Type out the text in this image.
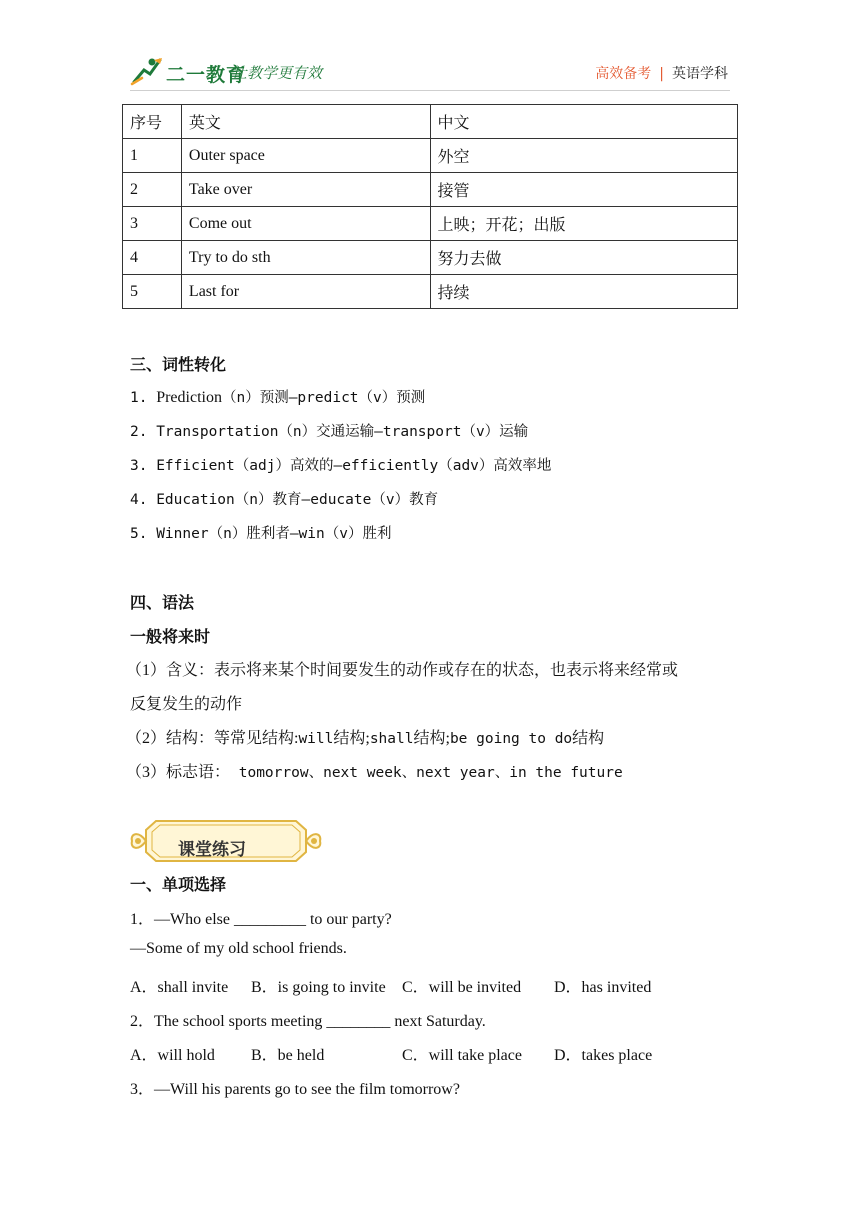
二一教育
让教学更有效	高效备考 | 英语学科
序号	英文	中文
1	Outer space	外空
2	Take over	接管
3	Come out	上映；开花；出版
4	Try to do sth	努力去做
5	Last for	持续
三、词性转化
1. Prediction（n）预测—predict（v）预测
2. Transportation（n）交通运输—transport（v）运输
3. Efficient（adj）高效的—efficiently（adv）高效率地
4. Education（n）教育—educate（v）教育
5. Winner（n）胜利者—win（v）胜利
四、语法
一般将来时
（1）含义：表示将来某个时间要发生的动作或存在的状态，也表示将来经常或
反复发生的动作
（2）结构：等常见结构:will结构;shall结构;be going to do结构
（3）标志语： tomorrow、next week、next year、in the future
课堂练习
一、单项选择
1．—Who else _________ to our party?
—Some of my old school friends.
A．shall invite B．is going to invite C．will be invited D．has invited
2．The school sports meeting ________ next Saturday.
A．will hold B．be held	C．will take place D．takes place
3．—Will his parents go to see the film tomorrow?
